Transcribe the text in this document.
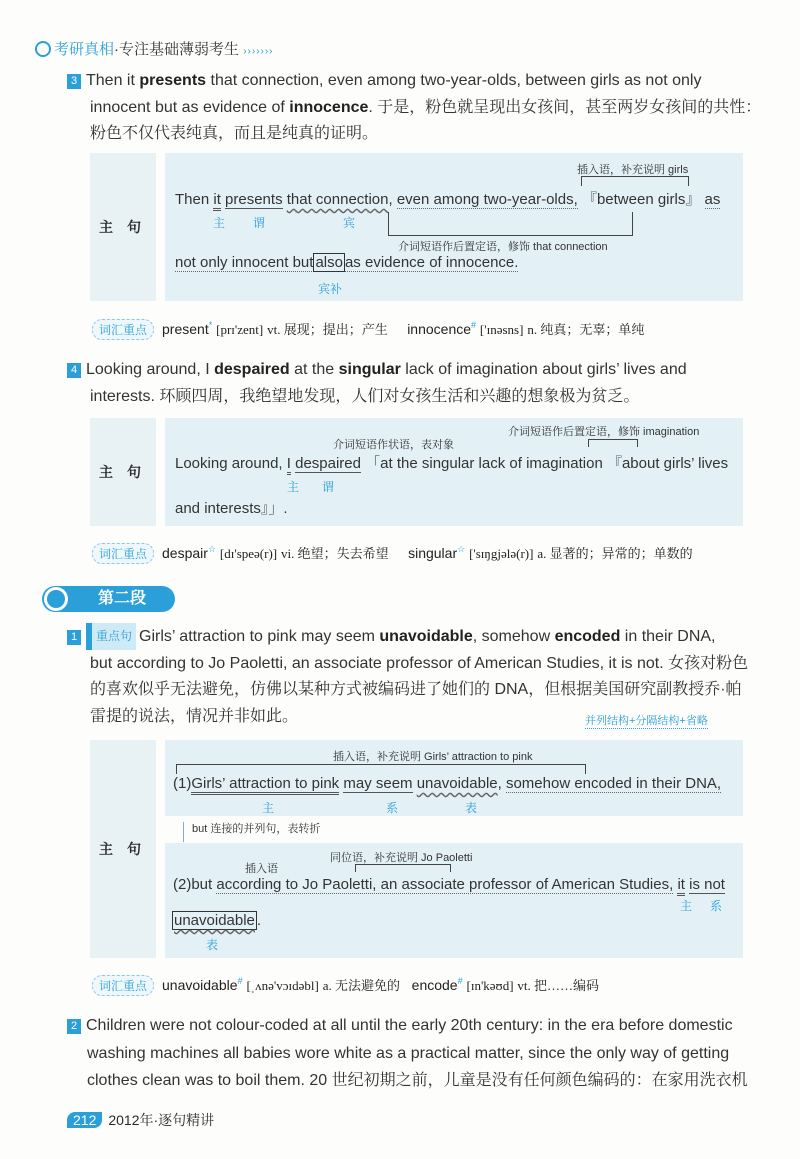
考研真相·专注基础薄弱考生 ›››››››
3 Then it presents that connection, even among two-year-olds, between girls as not only
innocent but as evidence of innocence. 于是，粉色就呈现出女孩间，甚至两岁女孩间的共性：
粉色不仅代表纯真，而且是纯真的证明。
主句
插入语，补充说明 girls
Then it presents that connection, even among two-year-olds, 『between girls』 as
主 谓	宾
介词短语作后置定语，修饰 that connection
not only innocent but also as evidence of innocence.
宾补
词汇重点 present* [prɪ'zent] vt. 展现；提出；产生 innocence# ['ɪnəsns] n. 纯真；无辜；单纯
4 Looking around, I despaired at the singular lack of imagination about girls’ lives and
interests. 环顾四周，我绝望地发现，人们对女孩生活和兴趣的想象极为贫乏。
主句
介词短语作后置定语，修饰 imagination
介词短语作状语，表对象
Looking around, I despaired 「at the singular lack of imagination 『about girls’ lives
主 谓
and interests』」.
词汇重点 despair☆ [dɪ'speə(r)] vi. 绝望；失去希望 singular☆ ['sɪŋgjələ(r)] a. 显著的；异常的；单数的
第二段
1 重点句 Girls’ attraction to pink may seem unavoidable, somehow encoded in their DNA,
but according to Jo Paoletti, an associate professor of American Studies, it is not. 女孩对粉色
的喜欢似乎无法避免，仿佛以某种方式被编码进了她们的 DNA，但根据美国研究副教授乔·帕
雷提的说法，情况并非如此。	并列结构+分隔结构+省略
主句
插入语，补充说明 Girls’ attraction to pink
(1)Girls’ attraction to pink may seem unavoidable, somehow encoded in their DNA,
主	系	表
but 连接的并列句，表转折
插入语
同位语，补充说明 Jo Paoletti
(2)but according to Jo Paoletti, an associate professor of American Studies, it is not
主 系
unavoidable .
表
词汇重点 unavoidable# [ˌʌnə'vɔɪdəbl] a. 无法避免的 encode# [ɪn'kəʊd] vt. 把……编码
2 Children were not colour-coded at all until the early 20th century: in the era before domestic
washing machines all babies wore white as a practical matter, since the only way of getting
clothes clean was to boil them. 20 世纪初期之前，儿童是没有任何颜色编码的：在家用洗衣机
212 2012年·逐句精讲
